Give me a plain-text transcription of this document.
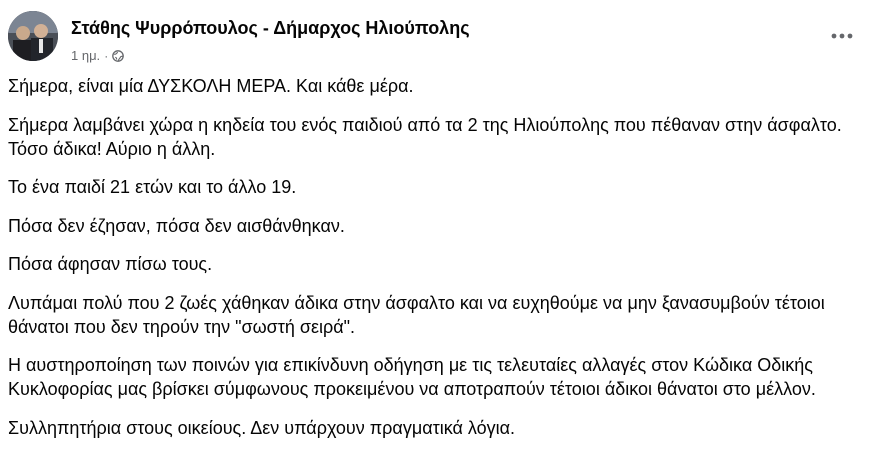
Στάθης Ψυρρόπουλος - Δήμαρχος Ηλιούπολης
1 ημ. ·

Σήμερα, είναι μία ΔΥΣΚΟΛΗ ΜΕΡΑ. Και κάθε μέρα.

Σήμερα λαμβάνει χώρα η κηδεία του ενός παιδιού από τα 2 της Ηλιούπολης που πέθαναν στην άσφαλτο. Τόσο άδικα! Αύριο η άλλη.

Το ένα παιδί 21 ετών και το άλλο 19.

Πόσα δεν έζησαν, πόσα δεν αισθάνθηκαν.

Πόσα άφησαν πίσω τους.

Λυπάμαι πολύ που 2 ζωές χάθηκαν άδικα στην άσφαλτο και να ευχηθούμε να μην ξανασυμβούν τέτοιοι θάνατοι που δεν τηρούν την "σωστή σειρά".

Η αυστηροποίηση των ποινών για επικίνδυνη οδήγηση με τις τελευταίες αλλαγές στον Κώδικα Οδικής Κυκλοφορίας μας βρίσκει σύμφωνους προκειμένου να αποτραπούν τέτοιοι άδικοι θάνατοι στο μέλλον.

Συλληπητήρια στους οικείους. Δεν υπάρχουν πραγματικά λόγια.
